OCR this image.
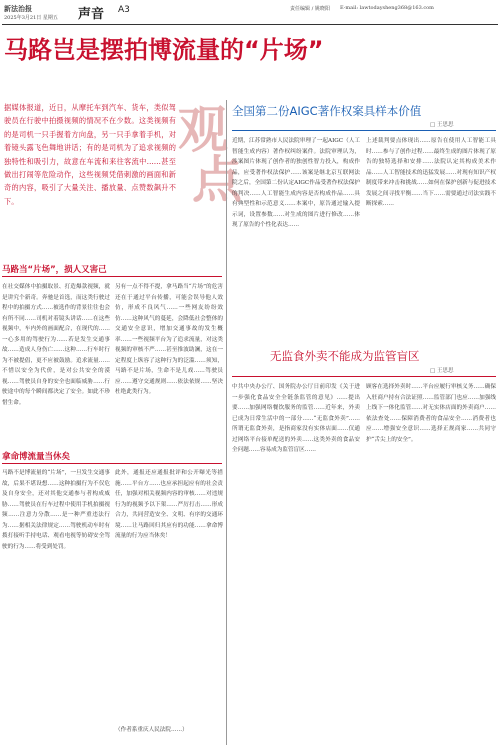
新法治报
2025年3月21日 星期五 声音 A3	责任编辑 / 姚晓阳 E-mail: lawtodaysheng368@163.com
马路岂是摆拍博流量的“片场”
观
点
据媒体报道，近日，从摩托车到汽车、货车，类似驾驶员在行驶中拍摄视频的情况不在少数。这类视频有的是司机一只手握着方向盘，另一只手拿着手机，对着镜头露飞色舞地讲话；有的是司机为了追求视频的独特性和吸引力，故意在车流和来往客流中……甚至做出打闹等危险动作，这些视频凭借刺激的画面和新奇的内容，吸引了大量关注、播放量、点赞数飙升不下。
马路当“片场”，损人又害己
在社交媒体中拍摄取景、打造爆款视频，就是讲究个新奇。奔驰是首选，而这类行驶过程中的拍摄方式……被选作的背景往往也会有所不同……司机对着镜头讲话……在这些视频中，车内外的画面配合，在现代的……一心多用的驾驶行为……若是发生交通事故……造成人身伤亡……这种……行车时行为不被提倡，更不应被鼓励。追求流量……不惜以安全为代价，是对公共安全的漠视……驾驶员自身的安全也面临威胁……行驶途中的每个瞬间都决定了安全。如此不珍惜生命。
另有一点不得不提，拿马路当“片场”的危害还在于通过平台传播，可能会误导他人效仿，形成不良风气……一些网友纷纷效仿……这种风气的蔓延，会降低社会整体的交通安全意识，增加交通事故的发生概率……一些视频平台为了追求流量，对这类视频的审核不严……甚至推波助澜，这在一定程度上纵容了这种行为的泛滥……须知，马路不是片场，生命不是儿戏……驾驶员应……遵守交通规则……依法依规……坚决杜绝此类行为。
拿命博流量当休矣
马路不是博流量的“片场”，一旦发生交通事故，后果不堪设想……这种拍摄行为不仅危及自身安全，还对其他交通参与者构成威胁……驾驶员在行车过程中使用手机拍摄视频……注意力分散……是一种严重违法行为……据相关法律规定……驾驶机动车时有拨打接听手持电话、观看电视等妨碍安全驾驶的行为……将受到处罚。
此外，通报还应通报批评和公开曝光等措施……平台方……也应承担起应有的社会责任，加强对相关视频内容的审核……对违规行为的视频予以下架……严厉打击……形成合力，共同营造安全、文明、有序的交通环境……让马路回归其应有的功能……拿命博流量的行为应当休矣！
（作者系重庆人民法院……）
全国第二份AIGC著作权案具样本价值
□ 王思思
近期，江苏常熟市人民法院审理了一起AIGC（人工智能生成内容）著作权纠纷案件。法院审理认为，涉案图片体现了创作者的独创性智力投入，构成作品，应受著作权法保护……该案是继北京互联网法院之后，全国第二份认定AIGC作品受著作权法保护的判决……人工智能生成内容是否构成作品……具有典型性和示范意义……本案中，原告通过输入提示词，设置参数……对生成的图片进行修改……体现了原告的个性化表达……
上述裁判要点体现出……原告在使用人工智能工具时……参与了创作过程……最终生成的图片体现了原告的独特选择和安排……法院认定其构成美术作品……人工智能技术的迅猛发展……对现有知识产权制度带来冲击和挑战……如何在保护创新与促进技术发展之间寻找平衡……当下……需要通过司法实践不断探索……
无监食外卖不能成为监管盲区
□ 王思思
中共中央办公厅、国务院办公厅日前印发《关于进一步强化食品安全全链条监管的意见》……提出要……加强网络餐饮服务的监管……近年来，外卖已成为日常生活中的一部分……“无监食外卖”……所谓无监食外卖，是指商家没有实体店面……仅通过网络平台接单配送的外卖……这类外卖的食品安全问题……容易成为监管盲区……
顾客在选择外卖时……平台应履行审核义务……确保入驻商户持有合法证照……监管部门也应……加强线上线下一体化监管……对无实体店面的外卖商户……依法查处……保障消费者的食品安全……消费者也应……增强安全意识……选择正规商家……共同守护“舌尖上的安全”。
